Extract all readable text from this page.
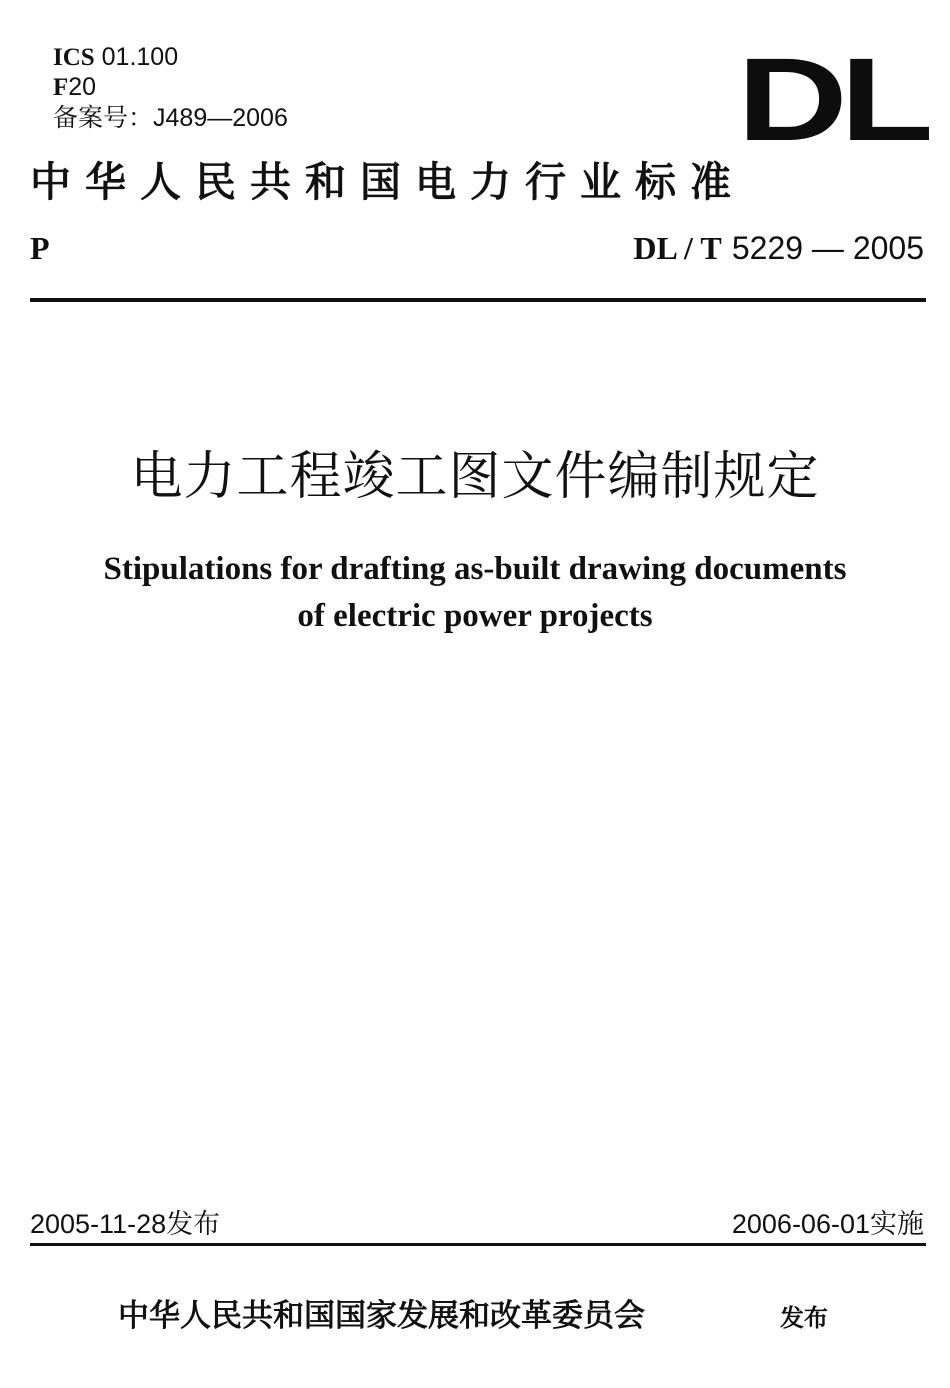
ICS 01.100
F20
备案号：J489—2006	DL
中华人民共和国电力行业标准
P	DL / T 5229 — 2005
电力工程竣工图文件编制规定
Stipulations for drafting as-built drawing documents
of electric power projects
2005-11-28发布	2006-06-01实施
中华人民共和国国家发展和改革委员会	发布
